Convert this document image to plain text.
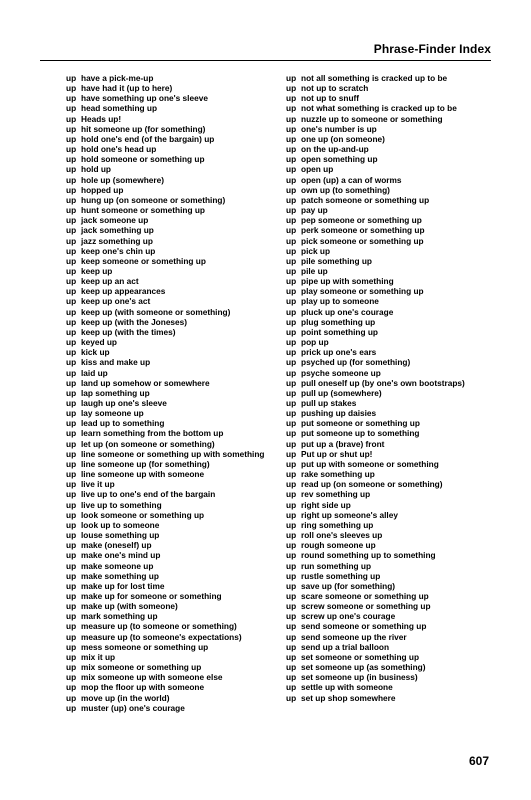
Phrase-Finder Index
up have a pick-me-up
up have had it (up to here)
up have something up one's sleeve
up head something up
up Heads up!
up hit someone up (for something)
up hold one's end (of the bargain) up
up hold one's head up
up hold someone or something up
up hold up
up hole up (somewhere)
up hopped up
up hung up (on someone or something)
up hunt someone or something up
up jack someone up
up jack something up
up jazz something up
up keep one's chin up
up keep someone or something up
up keep up
up keep up an act
up keep up appearances
up keep up one's act
up keep up (with someone or something)
up keep up (with the Joneses)
up keep up (with the times)
up keyed up
up kick up
up kiss and make up
up laid up
up land up somehow or somewhere
up lap something up
up laugh up one's sleeve
up lay someone up
up lead up to something
up learn something from the bottom up
up let up (on someone or something)
up line someone or something up with something
up line someone up (for something)
up line someone up with someone
up live it up
up live up to one's end of the bargain
up live up to something
up look someone or something up
up look up to someone
up louse something up
up make (oneself) up
up make one's mind up
up make someone up
up make something up
up make up for lost time
up make up for someone or something
up make up (with someone)
up mark something up
up measure up (to someone or something)
up measure up (to someone's expectations)
up mess someone or something up
up mix it up
up mix someone or something up
up mix someone up with someone else
up mop the floor up with someone
up move up (in the world)
up muster (up) one's courage
up not all something is cracked up to be
up not up to scratch
up not up to snuff
up not what something is cracked up to be
up nuzzle up to someone or something
up one's number is up
up one up (on someone)
up on the up-and-up
up open something up
up open up
up open (up) a can of worms
up own up (to something)
up patch someone or something up
up pay up
up pep someone or something up
up perk someone or something up
up pick someone or something up
up pick up
up pile something up
up pile up
up pipe up with something
up play someone or something up
up play up to someone
up pluck up one's courage
up plug something up
up point something up
up pop up
up prick up one's ears
up psyched up (for something)
up psyche someone up
up pull oneself up (by one's own bootstraps)
up pull up (somewhere)
up pull up stakes
up pushing up daisies
up put someone or something up
up put someone up to something
up put up a (brave) front
up Put up or shut up!
up put up with someone or something
up rake something up
up read up (on someone or something)
up rev something up
up right side up
up right up someone's alley
up ring something up
up roll one's sleeves up
up rough someone up
up round something up to something
up run something up
up rustle something up
up save up (for something)
up scare someone or something up
up screw someone or something up
up screw up one's courage
up send someone or something up
up send someone up the river
up send up a trial balloon
up set someone or something up
up set someone up (as something)
up set someone up (in business)
up settle up with someone
up set up shop somewhere
607
